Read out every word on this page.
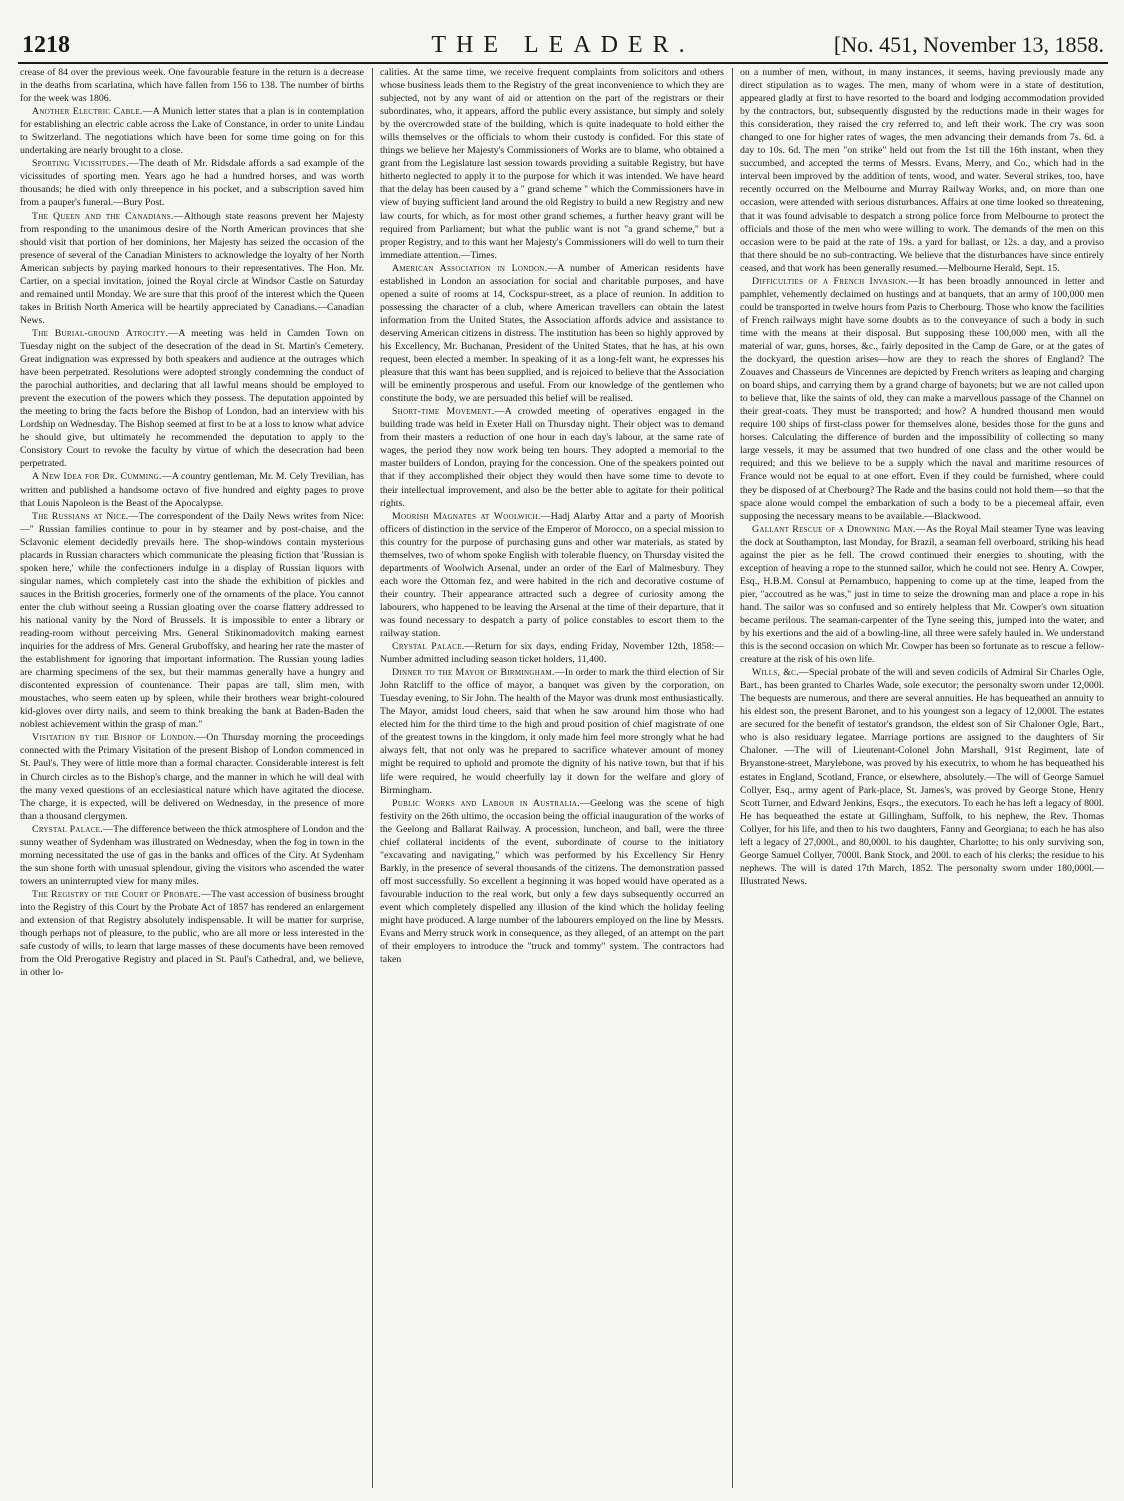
1218	THE LEADER.	[No. 451, November 13, 1858.

crease of 84 over the previous week. One favourable feature in the return is a decrease in the deaths from scarlatina, which have fallen from 156 to 138. The number of births for the week was 1806.

Another Electric Cable.—A Munich letter states that a plan is in contemplation for establishing an electric cable across the Lake of Constance, in order to unite Lindau to Switzerland. The negotiations which have been for some time going on for this undertaking are nearly brought to a close.

Sporting Vicissitudes.—The death of Mr. Ridsdale affords a sad example of the vicissitudes of sporting men. Years ago he had a hundred horses, and was worth thousands; he died with only threepence in his pocket, and a subscription saved him from a pauper's funeral.—Bury Post.

The Queen and the Canadians.—Although state reasons prevent her Majesty from responding to the unanimous desire of the North American provinces that she should visit that portion of her dominions, her Majesty has seized the occasion of the presence of several of the Canadian Ministers to acknowledge the loyalty of her North American subjects by paying marked honours to their representatives. The Hon. Mr. Cartier, on a special invitation, joined the Royal circle at Windsor Castle on Saturday and remained until Monday. We are sure that this proof of the interest which the Queen takes in British North America will be heartily appreciated by Canadians.—Canadian News.

The Burial-ground Atrocity.—A meeting was held in Camden Town on Tuesday night on the subject of the desecration of the dead in St. Martin's Cemetery. Great indignation was expressed by both speakers and audience at the outrages which have been perpetrated. Resolutions were adopted strongly condemning the conduct of the parochial authorities, and declaring that all lawful means should be employed to prevent the execution of the powers which they possess. The deputation appointed by the meeting to bring the facts before the Bishop of London, had an interview with his Lordship on Wednesday. The Bishop seemed at first to be at a loss to know what advice he should give, but ultimately he recommended the deputation to apply to the Consistory Court to revoke the faculty by virtue of which the desecration had been perpetrated.

A New Idea for Dr. Cumming.—A country gentleman, Mr. M. Cely Trevilian, has written and published a handsome octavo of five hundred and eighty pages to prove that Louis Napoleon is the Beast of the Apocalypse.

The Russians at Nice.—The correspondent of the Daily News writes from Nice:—" Russian families continue to pour in by steamer and by post-chaise, and the Sclavonic element decidedly prevails here. The shop-windows contain mysterious placards in Russian characters which communicate the pleasing fiction that 'Russian is spoken here,' while the confectioners indulge in a display of Russian liquors with singular names, which completely cast into the shade the exhibition of pickles and sauces in the British groceries, formerly one of the ornaments of the place. You cannot enter the club without seeing a Russian gloating over the coarse flattery addressed to his national vanity by the Nord of Brussels. It is impossible to enter a library or reading-room without perceiving Mrs. General Stikinomadovitch making earnest inquiries for the address of Mrs. General Gruboffsky, and hearing her rate the master of the establishment for ignoring that important information. The Russian young ladies are charming specimens of the sex, but their mammas generally have a hungry and discontented expression of countenance. Their papas are tall, slim men, with moustaches, who seem eaten up by spleen, while their brothers wear bright-coloured kid-gloves over dirty nails, and seem to think breaking the bank at Baden-Baden the noblest achievement within the grasp of man."

Visitation by the Bishop of London.—On Thursday morning the proceedings connected with the Primary Visitation of the present Bishop of London commenced in St. Paul's. They were of little more than a formal character. Considerable interest is felt in Church circles as to the Bishop's charge, and the manner in which he will deal with the many vexed questions of an ecclesiastical nature which have agitated the diocese. The charge, it is expected, will be delivered on Wednesday, in the presence of more than a thousand clergymen.

Crystal Palace.—The difference between the thick atmosphere of London and the sunny weather of Sydenham was illustrated on Wednesday, when the fog in town in the morning necessitated the use of gas in the banks and offices of the City. At Sydenham the sun shone forth with unusual splendour, giving the visitors who ascended the water towers an uninterrupted view for many miles.

The Registry of the Court of Probate.—The vast accession of business brought into the Registry of this Court by the Probate Act of 1857 has rendered an enlargement and extension of that Registry absolutely indispensable. It will be matter for surprise, though perhaps not of pleasure, to the public, who are all more or less interested in the safe custody of wills, to learn that large masses of these documents have been removed from the Old Prerogative Registry and placed in St. Paul's Cathedral, and, we believe, in other lo-

calities. At the same time, we receive frequent complaints from solicitors and others whose business leads them to the Registry of the great inconvenience to which they are subjected, not by any want of aid or attention on the part of the registrars or their subordinates, who, it appears, afford the public every assistance, but simply and solely by the overcrowded state of the building, which is quite inadequate to hold either the wills themselves or the officials to whom their custody is confided. For this state of things we believe her Majesty's Commissioners of Works are to blame, who obtained a grant from the Legislature last session towards providing a suitable Registry, but have hitherto neglected to apply it to the purpose for which it was intended. We have heard that the delay has been caused by a " grand scheme " which the Commissioners have in view of buying sufficient land around the old Registry to build a new Registry and new law courts, for which, as for most other grand schemes, a further heavy grant will be required from Parliament; but what the public want is not "a grand scheme," but a proper Registry, and to this want her Majesty's Commissioners will do well to turn their immediate attention.—Times.

American Association in London.—A number of American residents have established in London an association for social and charitable purposes, and have opened a suite of rooms at 14, Cockspur-street, as a place of reunion. In addition to possessing the character of a club, where American travellers can obtain the latest information from the United States, the Association affords advice and assistance to deserving American citizens in distress. The institution has been so highly approved by his Excellency, Mr. Buchanan, President of the United States, that he has, at his own request, been elected a member. In speaking of it as a long-felt want, he expresses his pleasure that this want has been supplied, and is rejoiced to believe that the Association will be eminently prosperous and useful. From our knowledge of the gentlemen who constitute the body, we are persuaded this belief will be realised.

Short-time Movement.—A crowded meeting of operatives engaged in the building trade was held in Exeter Hall on Thursday night. Their object was to demand from their masters a reduction of one hour in each day's labour, at the same rate of wages, the period they now work being ten hours. They adopted a memorial to the master builders of London, praying for the concession. One of the speakers pointed out that if they accomplished their object they would then have some time to devote to their intellectual improvement, and also be the better able to agitate for their political rights.

Moorish Magnates at Woolwich.—Hadj Alarby Attar and a party of Moorish officers of distinction in the service of the Emperor of Morocco, on a special mission to this country for the purpose of purchasing guns and other war materials, as stated by themselves, two of whom spoke English with tolerable fluency, on Thursday visited the departments of Woolwich Arsenal, under an order of the Earl of Malmesbury. They each wore the Ottoman fez, and were habited in the rich and decorative costume of their country. Their appearance attracted such a degree of curiosity among the labourers, who happened to be leaving the Arsenal at the time of their departure, that it was found necessary to despatch a party of police constables to escort them to the railway station.

Crystal Palace.—Return for six days, ending Friday, November 12th, 1858:—Number admitted including season ticket holders, 11,400.

Dinner to the Mayor of Birmingham.—In order to mark the third election of Sir John Ratcliff to the office of mayor, a banquet was given by the corporation, on Tuesday evening, to Sir John. The health of the Mayor was drunk most enthusiastically. The Mayor, amidst loud cheers, said that when he saw around him those who had elected him for the third time to the high and proud position of chief magistrate of one of the greatest towns in the kingdom, it only made him feel more strongly what he had always felt, that not only was he prepared to sacrifice whatever amount of money might be required to uphold and promote the dignity of his native town, but that if his life were required, he would cheerfully lay it down for the welfare and glory of Birmingham.

Public Works and Labour in Australia.—Geelong was the scene of high festivity on the 26th ultimo, the occasion being the official inauguration of the works of the Geelong and Ballarat Railway. A procession, luncheon, and ball, were the three chief collateral incidents of the event, subordinate of course to the initiatory "excavating and navigating," which was performed by his Excellency Sir Henry Barkly, in the presence of several thousands of the citizens. The demonstration passed off most successfully. So excellent a beginning it was hoped would have operated as a favourable induction to the real work, but only a few days subsequently occurred an event which completely dispelled any illusion of the kind which the holiday feeling might have produced. A large number of the labourers employed on the line by Messrs. Evans and Merry struck work in consequence, as they alleged, of an attempt on the part of their employers to introduce the "truck and tommy" system. The contractors had taken

on a number of men, without, in many instances, it seems, having previously made any direct stipulation as to wages. The men, many of whom were in a state of destitution, appeared gladly at first to have resorted to the board and lodging accommodation provided by the contractors, but, subsequently disgusted by the reductions made in their wages for this consideration, they raised the cry referred to, and left their work. The cry was soon changed to one for higher rates of wages, the men advancing their demands from 7s. 6d. a day to 10s. 6d. The men "on strike" held out from the 1st till the 16th instant, when they succumbed, and accepted the terms of Messrs. Evans, Merry, and Co., which had in the interval been improved by the addition of tents, wood, and water. Several strikes, too, have recently occurred on the Melbourne and Murray Railway Works, and, on more than one occasion, were attended with serious disturbances. Affairs at one time looked so threatening, that it was found advisable to despatch a strong police force from Melbourne to protect the officials and those of the men who were willing to work. The demands of the men on this occasion were to be paid at the rate of 19s. a yard for ballast, or 12s. a day, and a proviso that there should be no sub-contracting. We believe that the disturbances have since entirely ceased, and that work has been generally resumed.—Melbourne Herald, Sept. 15.

Difficulties of a French Invasion.—It has been broadly announced in letter and pamphlet, vehemently declaimed on hustings and at banquets, that an army of 100,000 men could be transported in twelve hours from Paris to Cherbourg. Those who know the facilities of French railways might have some doubts as to the conveyance of such a body in such time with the means at their disposal. But supposing these 100,000 men, with all the material of war, guns, horses, &c., fairly deposited in the Camp de Gare, or at the gates of the dockyard, the question arises—how are they to reach the shores of England? The Zouaves and Chasseurs de Vincennes are depicted by French writers as leaping and charging on board ships, and carrying them by a grand charge of bayonets; but we are not called upon to believe that, like the saints of old, they can make a marvellous passage of the Channel on their great-coats. They must be transported; and how? A hundred thousand men would require 100 ships of first-class power for themselves alone, besides those for the guns and horses. Calculating the difference of burden and the impossibility of collecting so many large vessels, it may be assumed that two hundred of one class and the other would be required; and this we believe to be a supply which the naval and maritime resources of France would not be equal to at one effort. Even if they could be furnished, where could they be disposed of at Cherbourg? The Rade and the basins could not hold them—so that the space alone would compel the embarkation of such a body to be a piecemeal affair, even supposing the necessary means to be available.—Blackwood.

Gallant Rescue of a Drowning Man.—As the Royal Mail steamer Tyne was leaving the dock at Southampton, last Monday, for Brazil, a seaman fell overboard, striking his head against the pier as he fell. The crowd continued their energies to shouting, with the exception of heaving a rope to the stunned sailor, which he could not see. Henry A. Cowper, Esq., H.B.M. Consul at Pernambuco, happening to come up at the time, leaped from the pier, "accoutred as he was," just in time to seize the drowning man and place a rope in his hand. The sailor was so confused and so entirely helpless that Mr. Cowper's own situation became perilous. The seaman-carpenter of the Tyne seeing this, jumped into the water, and by his exertions and the aid of a bowling-line, all three were safely hauled in. We understand this is the second occasion on which Mr. Cowper has been so fortunate as to rescue a fellow-creature at the risk of his own life.

Wills, &c.—Special probate of the will and seven codicils of Admiral Sir Charles Ogle, Bart., has been granted to Charles Wade, sole executor; the personalty sworn under 12,000l. The bequests are numerous, and there are several annuities. He has bequeathed an annuity to his eldest son, the present Baronet, and to his youngest son a legacy of 12,000l. The estates are secured for the benefit of testator's grandson, the eldest son of Sir Chaloner Ogle, Bart., who is also residuary legatee. Marriage portions are assigned to the daughters of Sir Chaloner. —The will of Lieutenant-Colonel John Marshall, 91st Regiment, late of Bryanstone-street, Marylebone, was proved by his executrix, to whom he has bequeathed his estates in England, Scotland, France, or elsewhere, absolutely.—The will of George Samuel Collyer, Esq., army agent of Park-place, St. James's, was proved by George Stone, Henry Scott Turner, and Edward Jenkins, Esqrs., the executors. To each he has left a legacy of 800l. He has bequeathed the estate at Gillingham, Suffolk, to his nephew, the Rev. Thomas Collyer, for his life, and then to his two daughters, Fanny and Georgiana; to each he has also left a legacy of 27,000l., and 80,000l. to his daughter, Charlotte; to his only surviving son, George Samuel Collyer, 7000l. Bank Stock, and 200l. to each of his clerks; the residue to his nephews. The will is dated 17th March, 1852. The personalty sworn under 180,000l.—Illustrated News.
